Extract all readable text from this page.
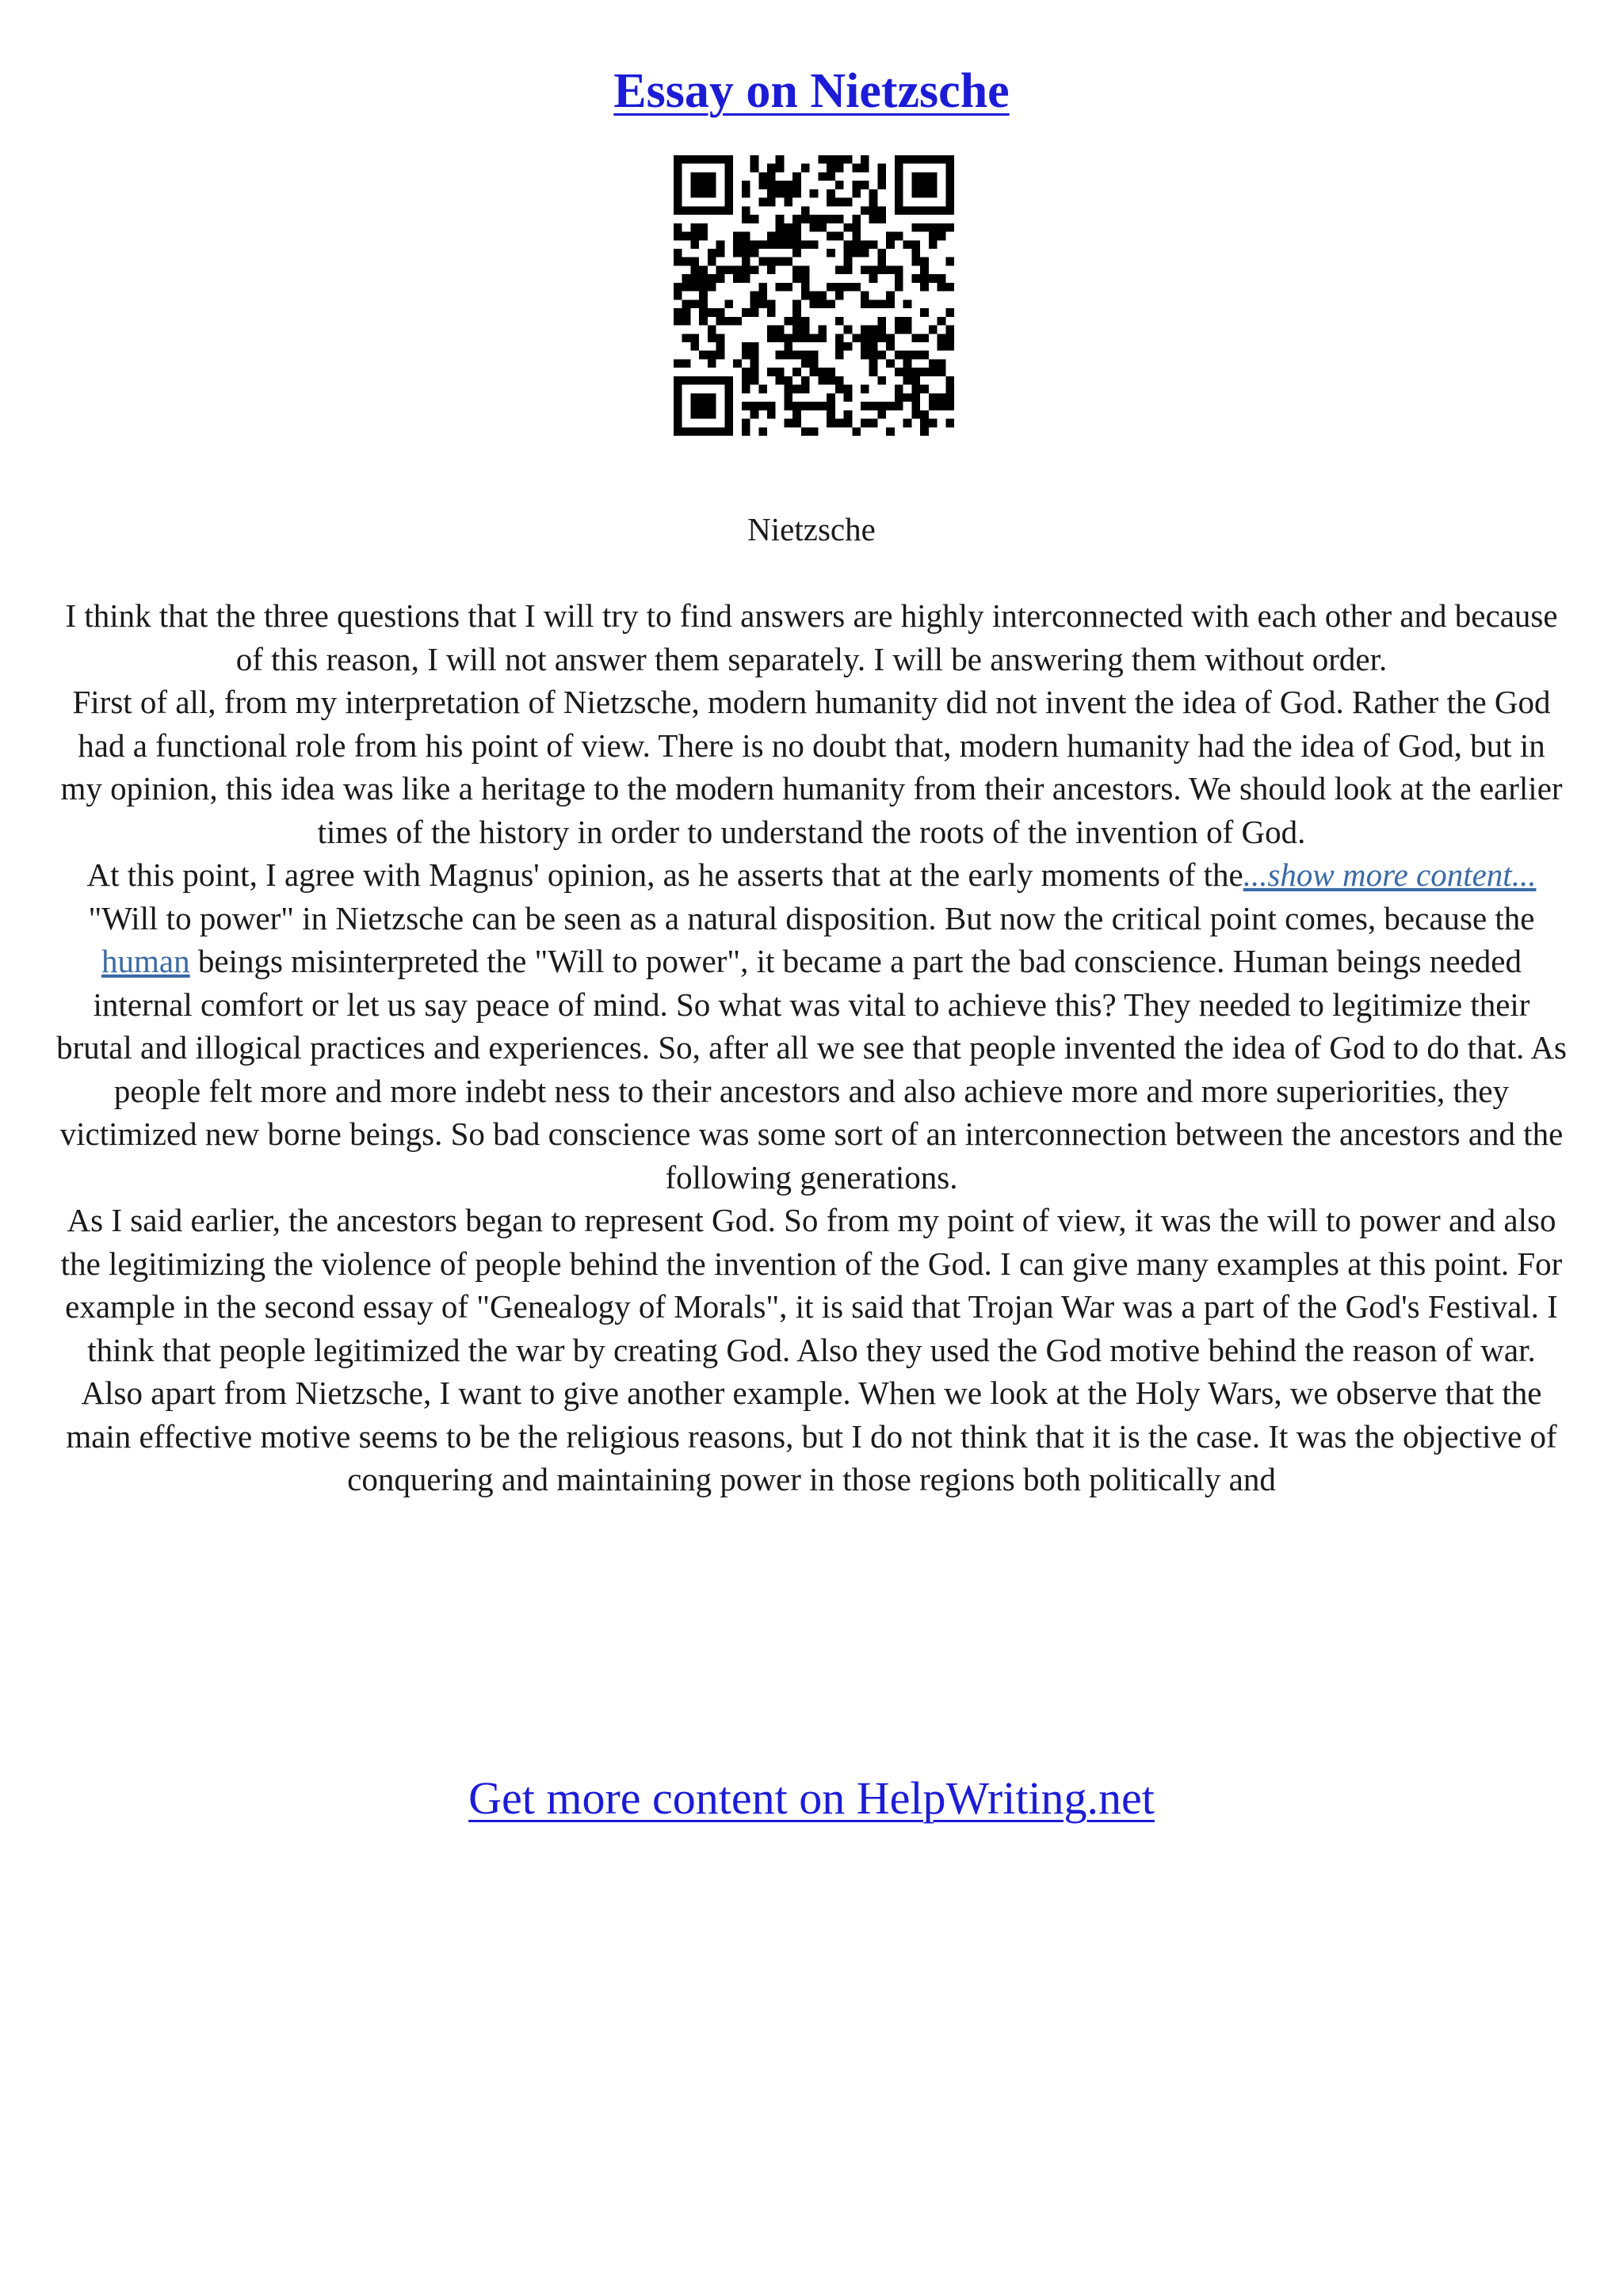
Essay on Nietzsche
Nietzsche

I think that the three questions that I will try to find answers are highly interconnected with each other and because of this reason, I will not answer them separately. I will be answering them without order.

First of all, from my interpretation of Nietzsche, modern humanity did not invent the idea of God. Rather the God had a functional role from his point of view. There is no doubt that, modern humanity had the idea of God, but in my opinion, this idea was like a heritage to the modern humanity from their ancestors. We should look at the earlier times of the history in order to understand the roots of the invention of God.

At this point, I agree with Magnus' opinion, as he asserts that at the early moments of the...show more content...

"Will to power" in Nietzsche can be seen as a natural disposition. But now the critical point comes, because the human beings misinterpreted the "Will to power", it became a part the bad conscience. Human beings needed internal comfort or let us say peace of mind. So what was vital to achieve this? They needed to legitimize their brutal and illogical practices and experiences. So, after all we see that people invented the idea of God to do that. As people felt more and more indebt ness to their ancestors and also achieve more and more superiorities, they victimized new borne beings. So bad conscience was some sort of an interconnection between the ancestors and the following generations.

As I said earlier, the ancestors began to represent God. So from my point of view, it was the will to power and also the legitimizing the violence of people behind the invention of the God. I can give many examples at this point. For example in the second essay of "Genealogy of Morals", it is said that Trojan War was a part of the God's Festival. I think that people legitimized the war by creating God. Also they used the God motive behind the reason of war. Also apart from Nietzsche, I want to give another example. When we look at the Holy Wars, we observe that the main effective motive seems to be the religious reasons, but I do not think that it is the case. It was the objective of conquering and maintaining power in those regions both politically and

Get more content on HelpWriting.net
